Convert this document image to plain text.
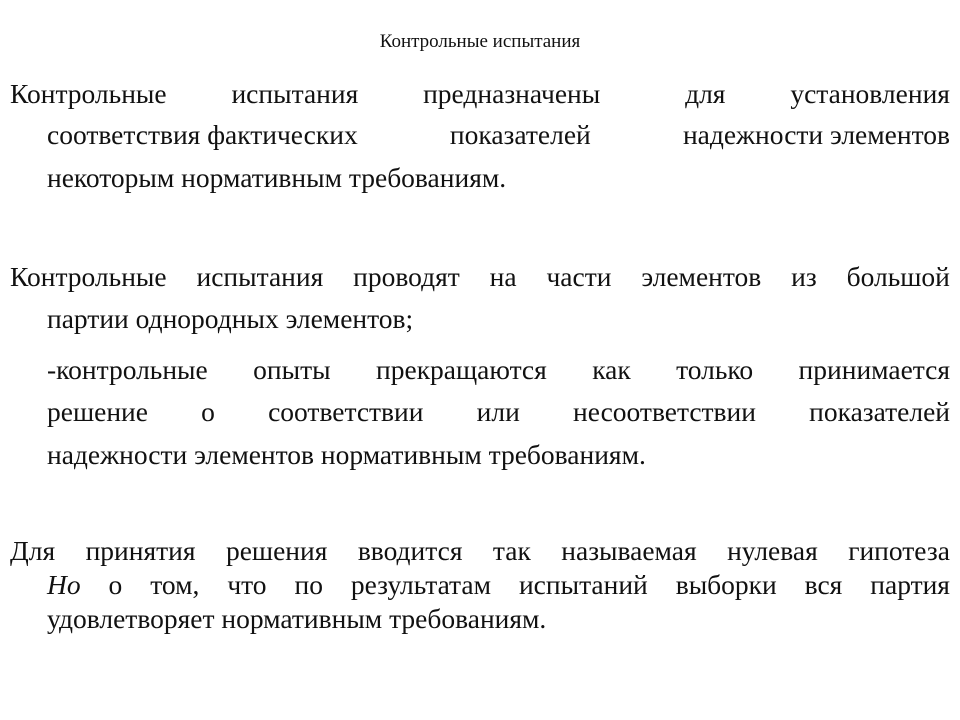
Контрольные испытания
Контрольные испытания предназначены	для установления
соответствия фактических	показателей	надежности элементов
некоторым нормативным требованиям.
Контрольные испытания проводят на части элементов из большой
партии однородных элементов;
-контрольные опыты прекращаются как только принимается
решение о соответствии или несоответствии показателей
надежности элементов нормативным требованиям.
Для принятия решения вводится так называемая нулевая гипотеза
Но о том, что по результатам испытаний выборки вся партия
удовлетворяет нормативным требованиям.
